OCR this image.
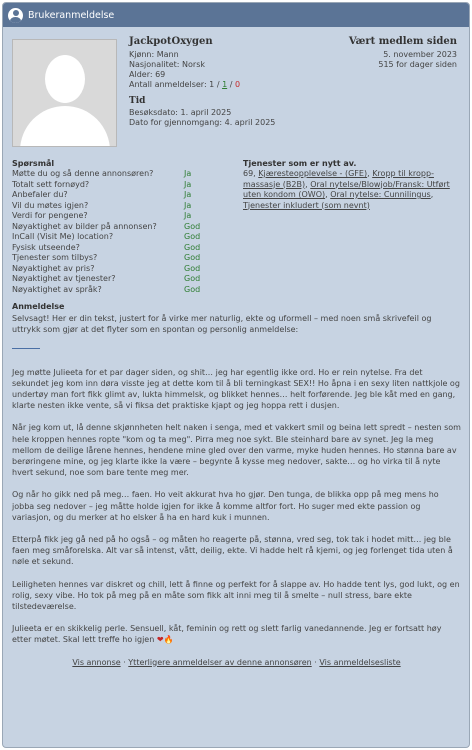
Brukeranmeldelse
JackpotOxygen
Kjønn: Mann
Nasjonalitet: Norsk
Alder: 69
Antall anmeldelser: 1 / 1 / 0
Tid
Besøksdato: 1. april 2025
Dato for gjennomgang: 4. april 2025
Vært medlem siden
5. november 2023
515 for dager siden
Spørsmål
Møtte du og så denne annonsøren?	Ja
Totalt sett fornøyd?	Ja
Anbefaler du?	Ja
Vil du møtes igjen?	Ja
Verdi for pengene?	Ja
Nøyaktighet av bilder på annonsen?	God
InCall (Visit Me) location?	God
Fysisk utseende?	God
Tjenester som tilbys?	God
Nøyaktighet av pris?	God
Nøyaktighet av tjenester?	God
Nøyaktighet av språk?	God
Tjenester som er nytt av.
69, Kjæresteopplevelse - (GFE), Kropp til kropp-massasje (B2B), Oral nytelse/Blowjob/Fransk: Utført uten kondom (OWO), Oral nytelse: Cunnilingus, Tjenester inkludert (som nevnt)
Anmeldelse

Selvsagt! Her er din tekst, justert for å virke mer naturlig, ekte og uformell – med noen små skrivefeil og uttrykk som gjør at det flyter som en spontan og personlig anmeldelse:

Jeg møtte Julieeta for et par dager siden, og shit… jeg har egentlig ikke ord. Ho er rein nytelse. Fra det sekundet jeg kom inn døra visste jeg at dette kom til å bli terningkast SEX!! Ho åpna i en sexy liten nattkjole og undertøy man fort fikk glimt av, lukta himmelsk, og blikket hennes… helt forførende. Jeg ble kåt med en gang, klarte nesten ikke vente, så vi fiksa det praktiske kjapt og jeg hoppa rett i dusjen.

Når jeg kom ut, lå denne skjønnheten helt naken i senga, med et vakkert smil og beina lett spredt – nesten som hele kroppen hennes ropte "kom og ta meg". Pirra meg noe sykt. Ble steinhard bare av synet. Jeg la meg mellom de deilige lårene hennes, hendene mine gled over den varme, myke huden hennes. Ho stønna bare av berøringene mine, og jeg klarte ikke la være – begynte å kysse meg nedover, sakte… og ho virka til å nyte hvert sekund, noe som bare tente meg mer.

Og når ho gikk ned på meg… faen. Ho veit akkurat hva ho gjør. Den tunga, de blikka opp på meg mens ho jobba seg nedover – jeg måtte holde igjen for ikke å komme altfor fort. Ho suger med ekte passion og variasjon, og du merker at ho elsker å ha en hard kuk i munnen.

Etterpå fikk jeg gå ned på ho også – og måten ho reagerte på, stønna, vred seg, tok tak i hodet mitt… jeg ble faen meg småforelska. Alt var så intenst, vått, deilig, ekte. Vi hadde helt rå kjemi, og jeg forlenget tida uten å nøle et sekund.

Leiligheten hennes var diskret og chill, lett å finne og perfekt for å slappe av. Ho hadde tent lys, god lukt, og en rolig, sexy vibe. Ho tok på meg på en måte som fikk alt inni meg til å smelte – null stress, bare ekte tilstedeværelse.

Julieeta er en skikkelig perle. Sensuell, kåt, feminin og rett og slett farlig vanedannende. Jeg er fortsatt høy etter møtet. Skal lett treffe ho igjen ❤🔥

Vis annonse · Ytterligere anmeldelser av denne annonsøren · Vis anmeldelsesliste
